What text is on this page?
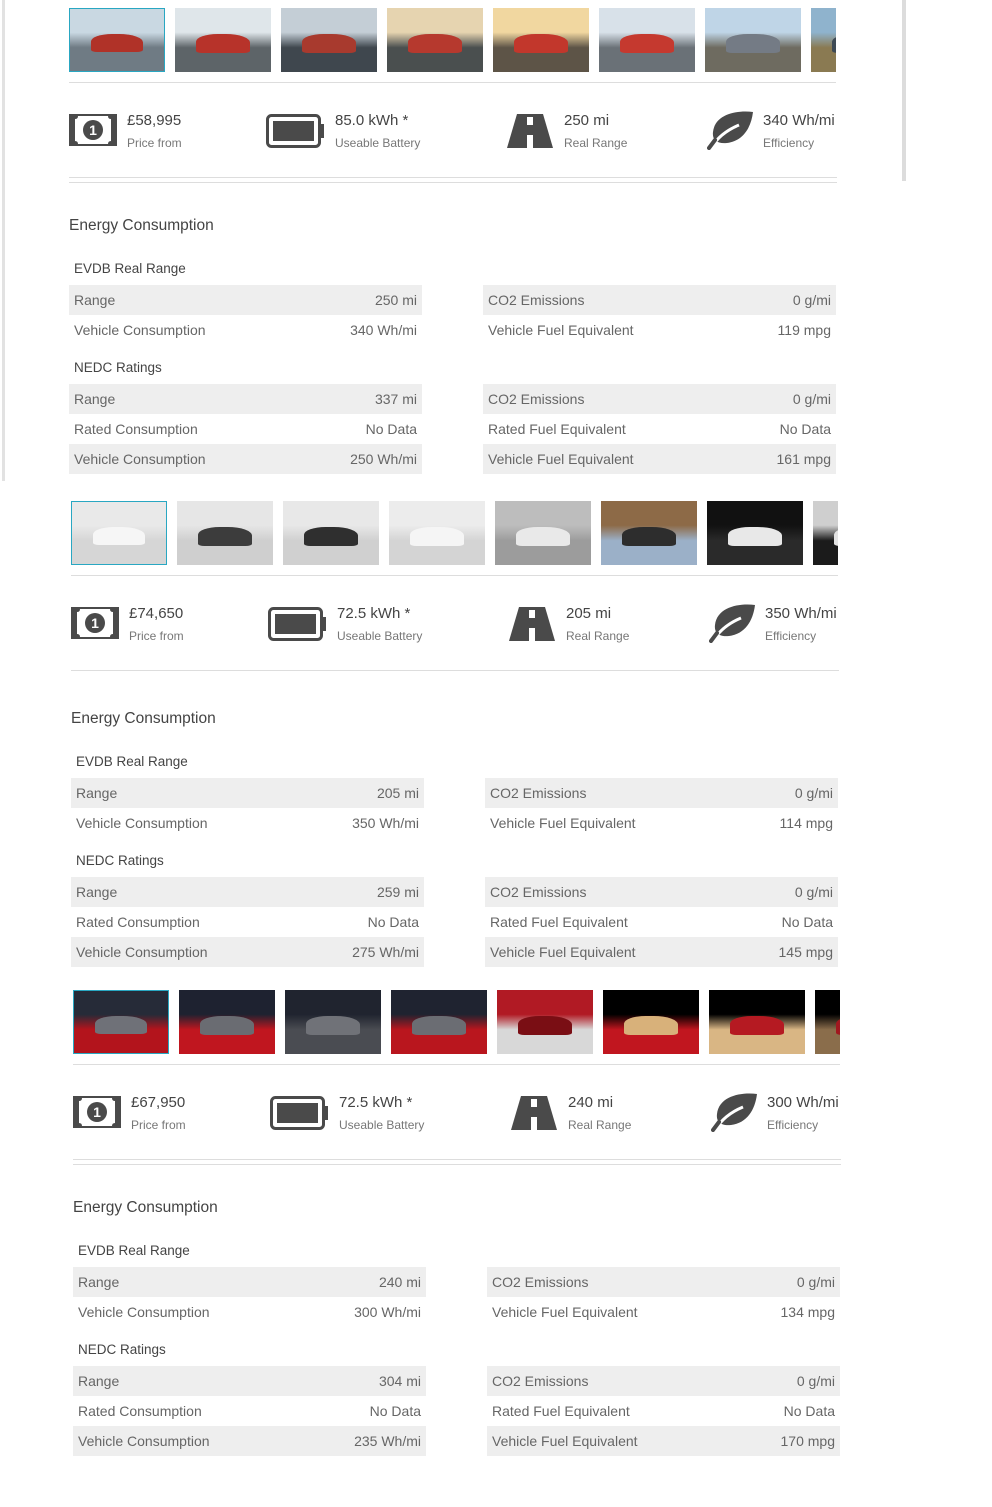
1
£58,995
Price from
85.0 kWh *
Useable Battery
250 mi
Real Range
340 Wh/mi
Efficiency
Energy Consumption
EVDB Real Range
NEDC Ratings
Range	250 mi
Vehicle Consumption	340 Wh/mi
CO2 Emissions	0 g/mi
Vehicle Fuel Equivalent	119 mpg
Range	337 mi
Rated Consumption	No Data
Vehicle Consumption	250 Wh/mi
CO2 Emissions	0 g/mi
Rated Fuel Equivalent	No Data
Vehicle Fuel Equivalent	161 mpg
1
£74,650
Price from
72.5 kWh *
Useable Battery
205 mi
Real Range
350 Wh/mi
Efficiency
Energy Consumption
EVDB Real Range
NEDC Ratings
Range	205 mi
Vehicle Consumption	350 Wh/mi
CO2 Emissions	0 g/mi
Vehicle Fuel Equivalent	114 mpg
Range	259 mi
Rated Consumption	No Data
Vehicle Consumption	275 Wh/mi
CO2 Emissions	0 g/mi
Rated Fuel Equivalent	No Data
Vehicle Fuel Equivalent	145 mpg
1
£67,950
Price from
72.5 kWh *
Useable Battery
240 mi
Real Range
300 Wh/mi
Efficiency
Energy Consumption
EVDB Real Range
NEDC Ratings
Range	240 mi
Vehicle Consumption	300 Wh/mi
CO2 Emissions	0 g/mi
Vehicle Fuel Equivalent	134 mpg
Range	304 mi
Rated Consumption	No Data
Vehicle Consumption	235 Wh/mi
CO2 Emissions	0 g/mi
Rated Fuel Equivalent	No Data
Vehicle Fuel Equivalent	170 mpg
